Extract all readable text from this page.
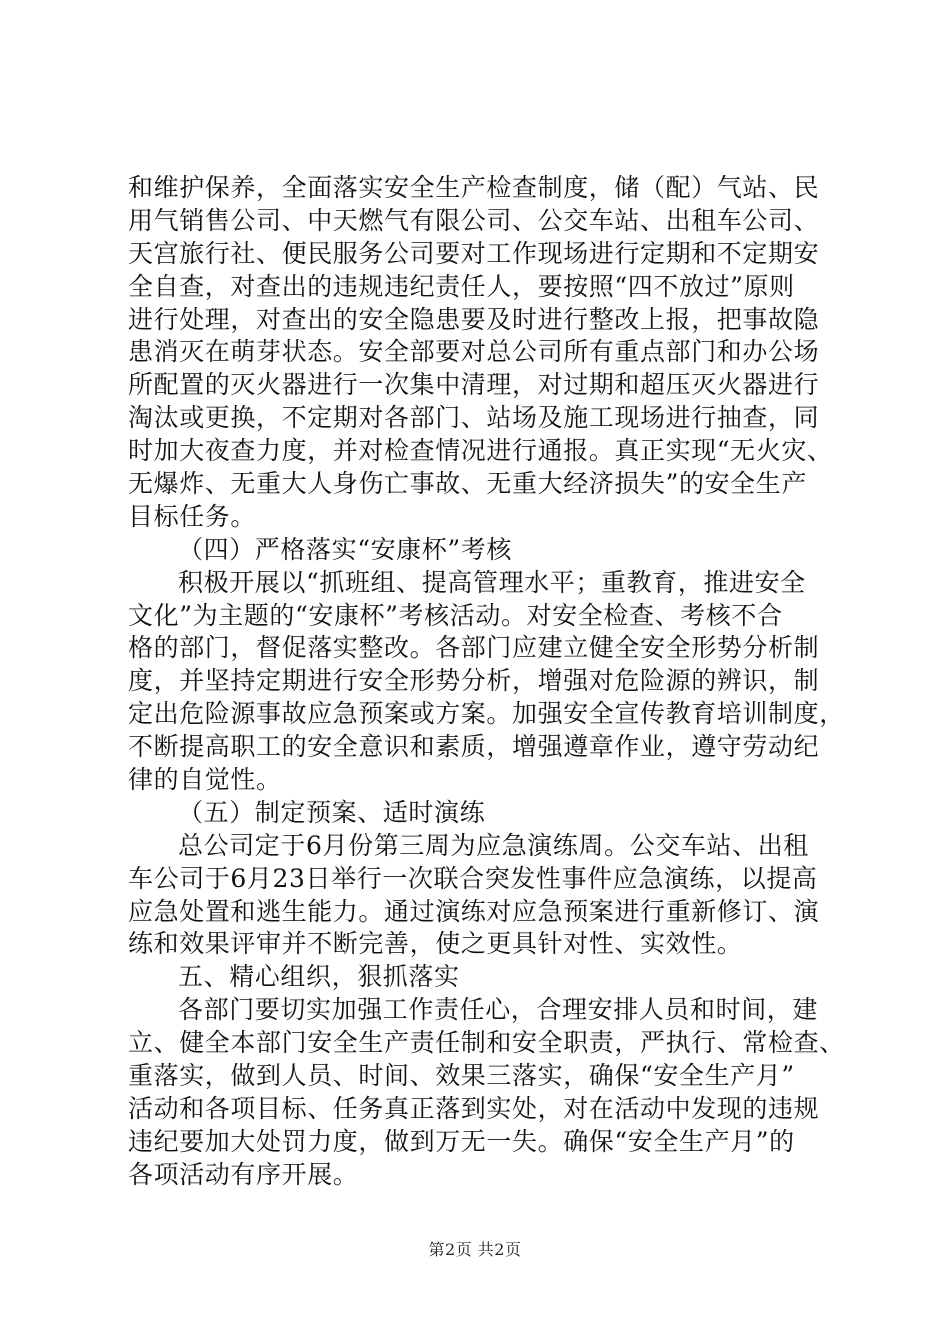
和维护保养，全面落实安全生产检查制度，储（配）气站、民
用气销售公司、中天燃气有限公司、公交车站、出租车公司、
天宫旅行社、便民服务公司要对工作现场进行定期和不定期安
全自查，对查出的违规违纪责任人，要按照“四不放过”原则
进行处理，对查出的安全隐患要及时进行整改上报，把事故隐
患消灭在萌芽状态。安全部要对总公司所有重点部门和办公场
所配置的灭火器进行一次集中清理，对过期和超压灭火器进行
淘汰或更换，不定期对各部门、站场及施工现场进行抽查，同
时加大夜查力度，并对检查情况进行通报。真正实现“无火灾、
无爆炸、无重大人身伤亡事故、无重大经济损失”的安全生产
目标任务。
（四）严格落实“安康杯”考核
积极开展以“抓班组、提高管理水平；重教育，推进安全
文化”为主题的“安康杯”考核活动。对安全检查、考核不合
格的部门，督促落实整改。各部门应建立健全安全形势分析制
度，并坚持定期进行安全形势分析，增强对危险源的辨识，制
定出危险源事故应急预案或方案。加强安全宣传教育培训制度，
不断提高职工的安全意识和素质，增强遵章作业，遵守劳动纪
律的自觉性。
（五）制定预案、适时演练
总公司定于6月份第三周为应急演练周。公交车站、出租
车公司于6月23日举行一次联合突发性事件应急演练，以提高
应急处置和逃生能力。通过演练对应急预案进行重新修订、演
练和效果评审并不断完善，使之更具针对性、实效性。
五、精心组织，狠抓落实
各部门要切实加强工作责任心，合理安排人员和时间，建
立、健全本部门安全生产责任制和安全职责，严执行、常检查、
重落实，做到人员、时间、效果三落实，确保“安全生产月”
活动和各项目标、任务真正落到实处，对在活动中发现的违规
违纪要加大处罚力度，做到万无一失。确保“安全生产月”的
各项活动有序开展。
第2页 共2页
